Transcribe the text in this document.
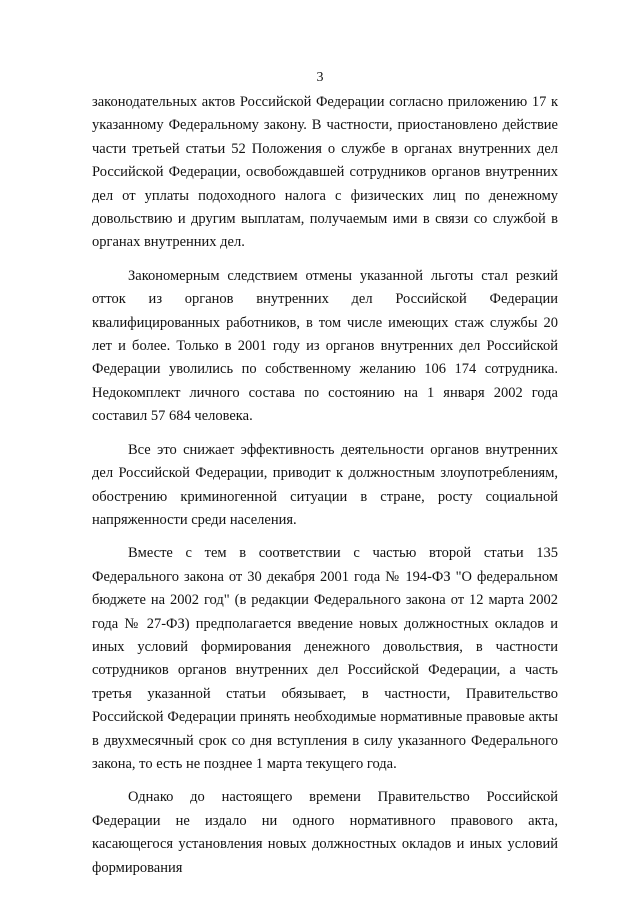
3

законодательных актов Российской Федерации согласно приложению 17 к указанному Федеральному закону. В частности, приостановлено действие части третьей статьи 52 Положения о службе в органах внутренних дел Российской Федерации, освобождавшей сотрудников органов внутренних дел от уплаты подоходного налога с физических лиц по денежному довольствию и другим выплатам, получаемым ими в связи со службой в органах внутренних дел.

Закономерным следствием отмены указанной льготы стал резкий отток из органов внутренних дел Российской Федерации квалифицированных работников, в том числе имеющих стаж службы 20 лет и более. Только в 2001 году из органов внутренних дел Российской Федерации уволились по собственному желанию 106 174 сотрудника. Недокомплект личного состава по состоянию на 1 января 2002 года составил 57 684 человека.

Все это снижает эффективность деятельности органов внутренних дел Российской Федерации, приводит к должностным злоупотреблениям, обострению криминогенной ситуации в стране, росту социальной напряженности среди населения.

Вместе с тем в соответствии с частью второй статьи 135 Федерального закона от 30 декабря 2001 года № 194-ФЗ "О федеральном бюджете на 2002 год" (в редакции Федерального закона от 12 марта 2002 года № 27-ФЗ) предполагается введение новых должностных окладов и иных условий формирования денежного довольствия, в частности сотрудников органов внутренних дел Российской Федерации, а часть третья указанной статьи обязывает, в частности, Правительство Российской Федерации принять необходимые нормативные правовые акты в двухмесячный срок со дня вступления в силу указанного Федерального закона, то есть не позднее 1 марта текущего года.

Однако до настоящего времени Правительство Российской Федерации не издало ни одного нормативного правового акта, касающегося установления новых должностных окладов и иных условий формирования
